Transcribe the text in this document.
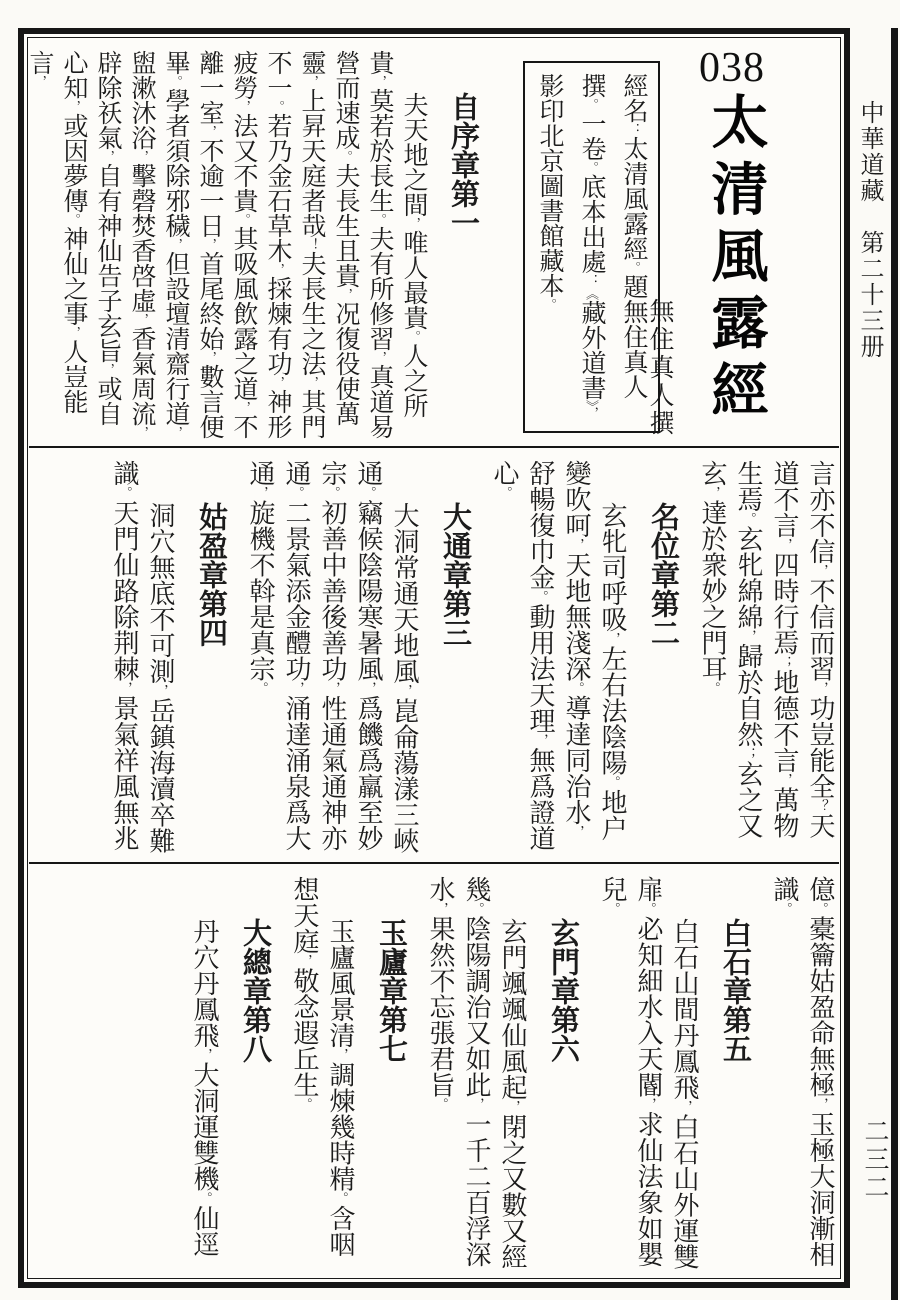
中華道藏　第二十三册
二三二
038
太清風露經
無住真人撰
經名：太清風露經。題無住真人撰。一卷。底本出處：《藏外道書》，影印北京圖書館藏本。
自序章第一

夫天地之間，唯人最貴。人之所貴，莫若於長生。夫有所修習，真道易營而速成。夫長生且貴，况復役使萬靈，上昇天庭者哉！夫長生之法，其門不一。若乃金石草木，採煉有功，神形疲勞，法又不貴。其吸風飲露之道，不離一室，不逾一日，首尾終始，數言便畢。學者須除邪穢，但設壇清齋行道，盥漱沐浴，擊磬焚香啓虛，香氣周流，辟除祅氣，自有神仙告子玄旨，或自心知，或因夢傳。神仙之事，人豈能言，

言亦不信，不信而習，功豈能全？天道不言，四時行焉；地德不言，萬物生焉。玄牝綿綿，歸於自然；玄之又玄，達於衆妙之門耳。

名位章第二

玄牝司呼吸，左右法陰陽。地户變吹呵，天地無淺深。導達同治水，舒暢復巾金。動用法天理，無爲證道心。

大通章第三

大洞常通天地風，崑侖蕩漾三峽通。竊候陰陽寒暑風，爲饑爲羸至妙宗。初善中善後善功，性通氣通神亦通。二景氣添金醴功，涌達涌泉爲大通，旋機不斡是真宗。

姑盈章第四

洞穴無底不可測，岳鎮海瀆卒難識。天門仙路除荆棘，景氣祥風無兆

億。橐籥姑盈命無極，玉極大洞漸相識。

白石章第五

白石山間丹鳳飛，白石山外運雙扉。必知細水入天閽，求仙法象如嬰兒。

玄門章第六

玄門颯颯仙風起，閉之又數又經幾。陰陽調治又如此，一千二百浮深水，果然不忘張君旨。

玉廬章第七

玉廬風景清，調煉幾時精。含咽想天庭，敬念遐丘生。

大總章第八

丹穴丹鳳飛，大洞運雙機。仙逕
